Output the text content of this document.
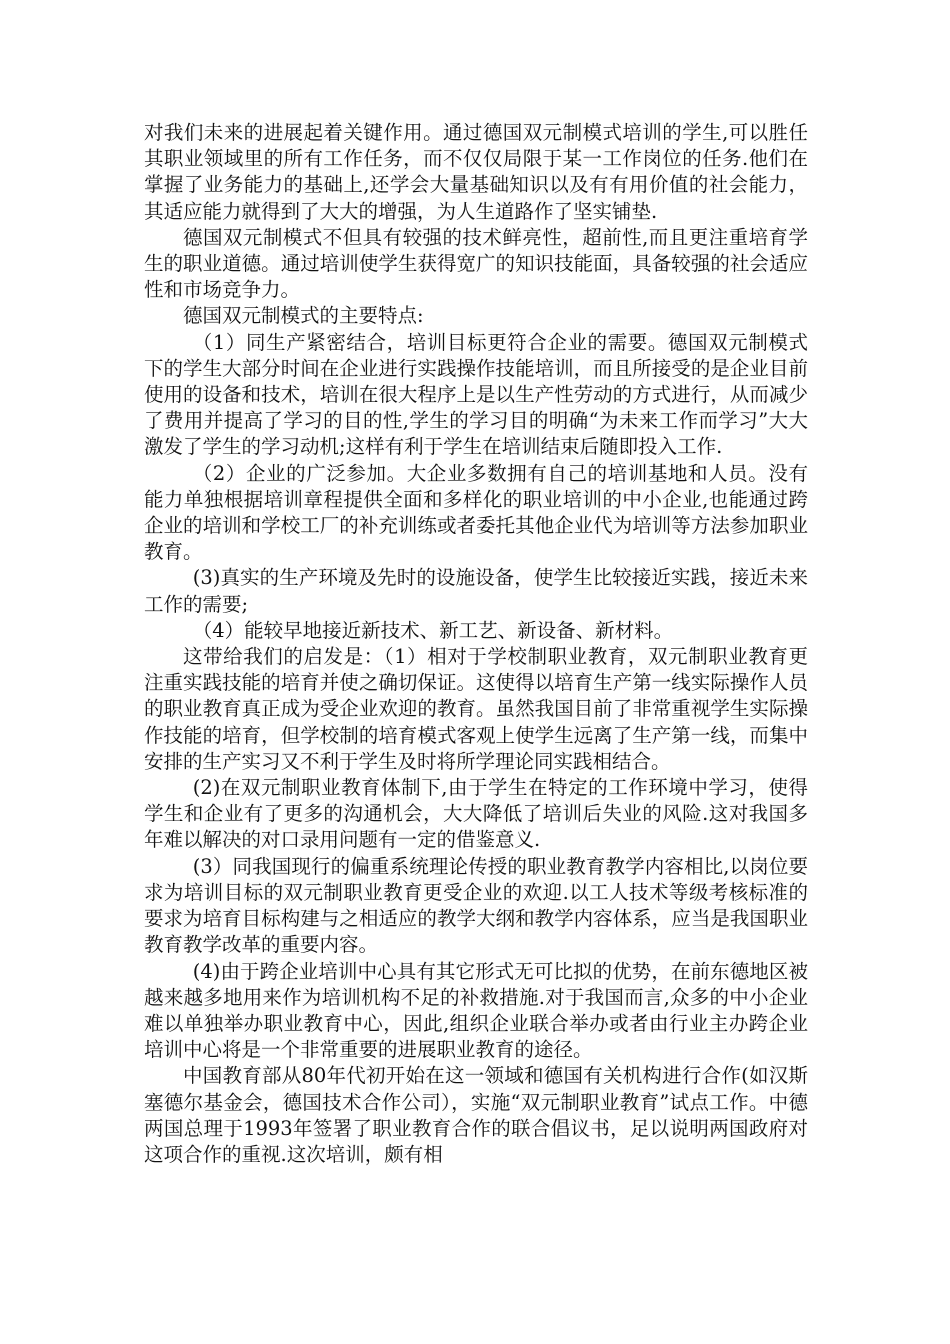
对我们未来的进展起着关键作用。通过德国双元制模式培训的学生,可以胜任其职业领域里的所有工作任务，而不仅仅局限于某一工作岗位的任务.他们在掌握了业务能力的基础上,还学会大量基础知识以及有有用价值的社会能力，其适应能力就得到了大大的增强，为人生道路作了坚实铺垫.

德国双元制模式不但具有较强的技术鲜亮性，超前性,而且更注重培育学生的职业道德。通过培训使学生获得宽广的知识技能面，具备较强的社会适应性和市场竞争力。

德国双元制模式的主要特点:

（1）同生产紧密结合，培训目标更符合企业的需要。德国双元制模式下的学生大部分时间在企业进行实践操作技能培训，而且所接受的是企业目前使用的设备和技术，培训在很大程序上是以生产性劳动的方式进行，从而减少了费用并提高了学习的目的性,学生的学习目的明确“为未来工作而学习”大大激发了学生的学习动机;这样有利于学生在培训结束后随即投入工作.

（2）企业的广泛参加。大企业多数拥有自己的培训基地和人员。没有能力单独根据培训章程提供全面和多样化的职业培训的中小企业,也能通过跨企业的培训和学校工厂的补充训练或者委托其他企业代为培训等方法参加职业教育。

(3)真实的生产环境及先时的设施设备，使学生比较接近实践，接近未来工作的需要;

（4）能较早地接近新技术、新工艺、新设备、新材料。

这带给我们的启发是：（1）相对于学校制职业教育，双元制职业教育更注重实践技能的培育并使之确切保证。这使得以培育生产第一线实际操作人员的职业教育真正成为受企业欢迎的教育。虽然我国目前了非常重视学生实际操作技能的培育，但学校制的培育模式客观上使学生远离了生产第一线，而集中安排的生产实习又不利于学生及时将所学理论同实践相结合。

(2)在双元制职业教育体制下,由于学生在特定的工作环境中学习，使得学生和企业有了更多的沟通机会，大大降低了培训后失业的风险.这对我国多年难以解决的对口录用问题有一定的借鉴意义.

(3）同我国现行的偏重系统理论传授的职业教育教学内容相比,以岗位要求为培训目标的双元制职业教育更受企业的欢迎.以工人技术等级考核标准的要求为培育目标构建与之相适应的教学大纲和教学内容体系，应当是我国职业教育教学改革的重要内容。

(4)由于跨企业培训中心具有其它形式无可比拟的优势，在前东德地区被越来越多地用来作为培训机构不足的补救措施.对于我国而言,众多的中小企业难以单独举办职业教育中心，因此,组织企业联合举办或者由行业主办跨企业培训中心将是一个非常重要的进展职业教育的途径。

中国教育部从80年代初开始在这一领域和德国有关机构进行合作(如汉斯塞德尔基金会，德国技术合作公司），实施“双元制职业教育”试点工作。中德两国总理于1993年签署了职业教育合作的联合倡议书，足以说明两国政府对这项合作的重视.这次培训，颇有相
